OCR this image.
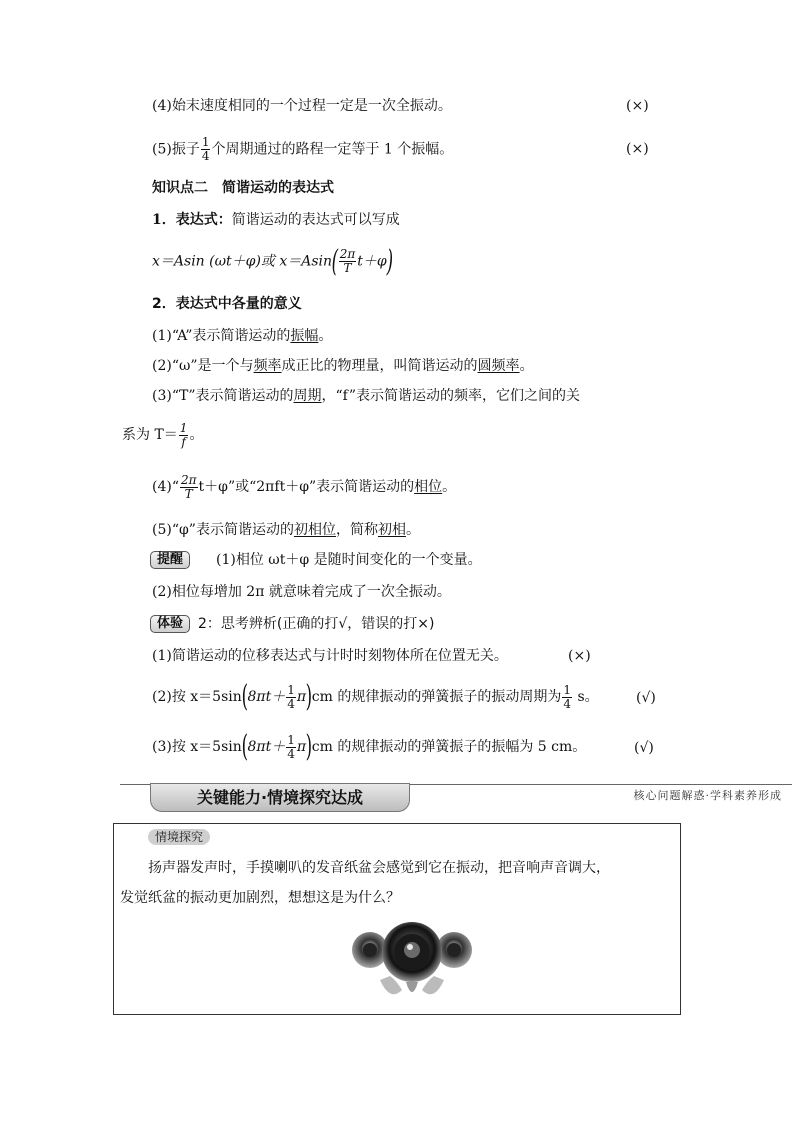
(4)始末速度相同的一个过程一定是一次全振动。	(×)
(5)振子 $\frac{1}{4}$ 个周期通过的路程一定等于 1 个振幅。	(×)
知识点二　简谐运动的表达式
1．表达式：简谐运动的表达式可以写成
x＝Asin (ωt＋φ)或 $x=Asin( \frac{2\pi}{T} t+\varphi)$
2．表达式中各量的意义
(1)“A”表示简谐运动的振幅。
(2)“ω”是一个与频率成正比的物理量，叫简谐运动的圆频率。
(3)“T”表示简谐运动的周期，“f”表示简谐运动的频率，它们之间的关
系为 $T= \frac{1}{f}$ 。
(4)“ $\frac{2\pi}{T} t+\varphi$”或“2πft＋φ”表示简谐运动的相位。
(5)“φ”表示简谐运动的初相位，简称初相。
提醒	(1)相位 ωt＋φ 是随时间变化的一个变量。
(2)相位每增加 2π 就意味着完成了一次全振动。
体验	2：思考辨析(正确的打√，错误的打×)
(1)简谐运动的位移表达式与计时时刻物体所在位置无关。	(×)
(2)按 $x=5\sin(8\pi t+ \frac{1}{4} \pi)cm$ 的规律振动的弹簧振子的振动周期为 $\frac{1}{4}$ s。	(√)
(3)按 $x=5\sin(8\pi t+ \frac{1}{4} \pi)cm$ 的规律振动的弹簧振子的振幅为 5 cm。	(√)
关键能力·情境探究达成	核心问题解惑·学科素养形成
情境探究
扬声器发声时，手摸喇叭的发音纸盆会感觉到它在振动，把音响声音调大，
发觉纸盆的振动更加剧烈，想想这是为什么？
